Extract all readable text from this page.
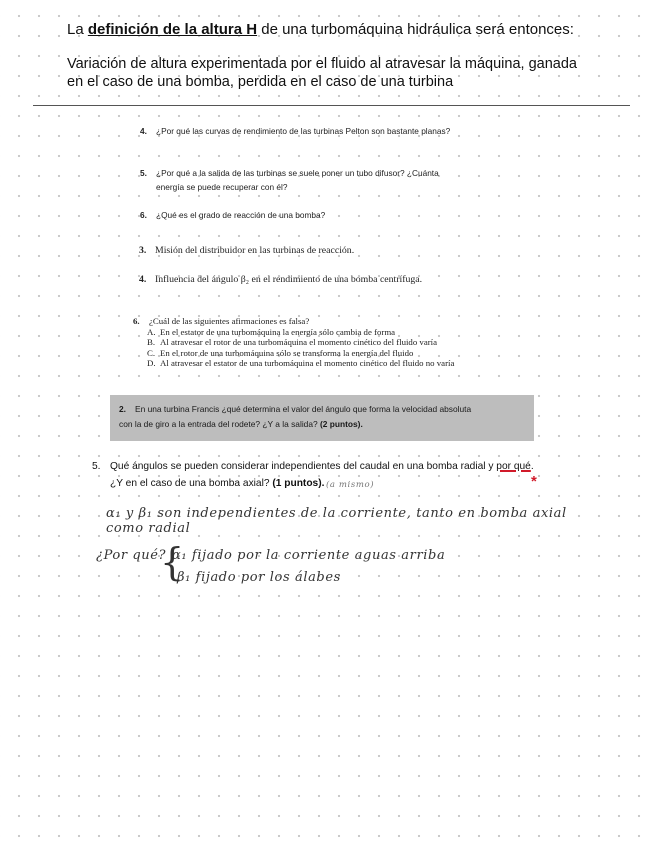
La definición de la altura H de una turbomáquina hidráulica será entonces:
Variación de altura experimentada por el fluido al atravesar la máquina, ganada en el caso de una bomba, perdida en el caso de una turbina
4. ¿Por qué las curvas de rendimiento de las turbinas Pelton son bastante planas?
5. ¿Por qué a la salida de las turbinas se suele poner un tubo difusor? ¿Cuánta
energía se puede recuperar con él?
6. ¿Qué es el grado de reacción de una bomba?
3. Misión del distribuidor en las turbinas de reacción.
4. Influencia del ángulo β₂ en el rendimiento de una bomba centrífuga.
6. ¿Cuál de las siguientes afirmaciones es falsa?
A. En el estator de una turbomáquina la energía sólo cambia de forma
B. Al atravesar el rotor de una turbomáquina el momento cinético del fluido varía
C. En el rotor de una turbomáquina sólo se transforma la energía del fluido
D. Al atravesar el estator de una turbomáquina el momento cinético del fluido no varía
2. En una turbina Francis ¿qué determina el valor del ángulo que forma la velocidad absoluta
con la de giro a la entrada del rodete? ¿Y a la salida? (2 puntos).
5. Qué ángulos se pueden considerar independientes del caudal en una bomba radial y por qué.
¿Y en el caso de una bomba axial? (1 puntos).	*
(a mismo)
α₁ y β₁ son independientes de la corriente, tanto en bomba axial
como radial
¿Por qué?
{
α₁ fijado por la corriente aguas arriba
β₁ fijado por los álabes
